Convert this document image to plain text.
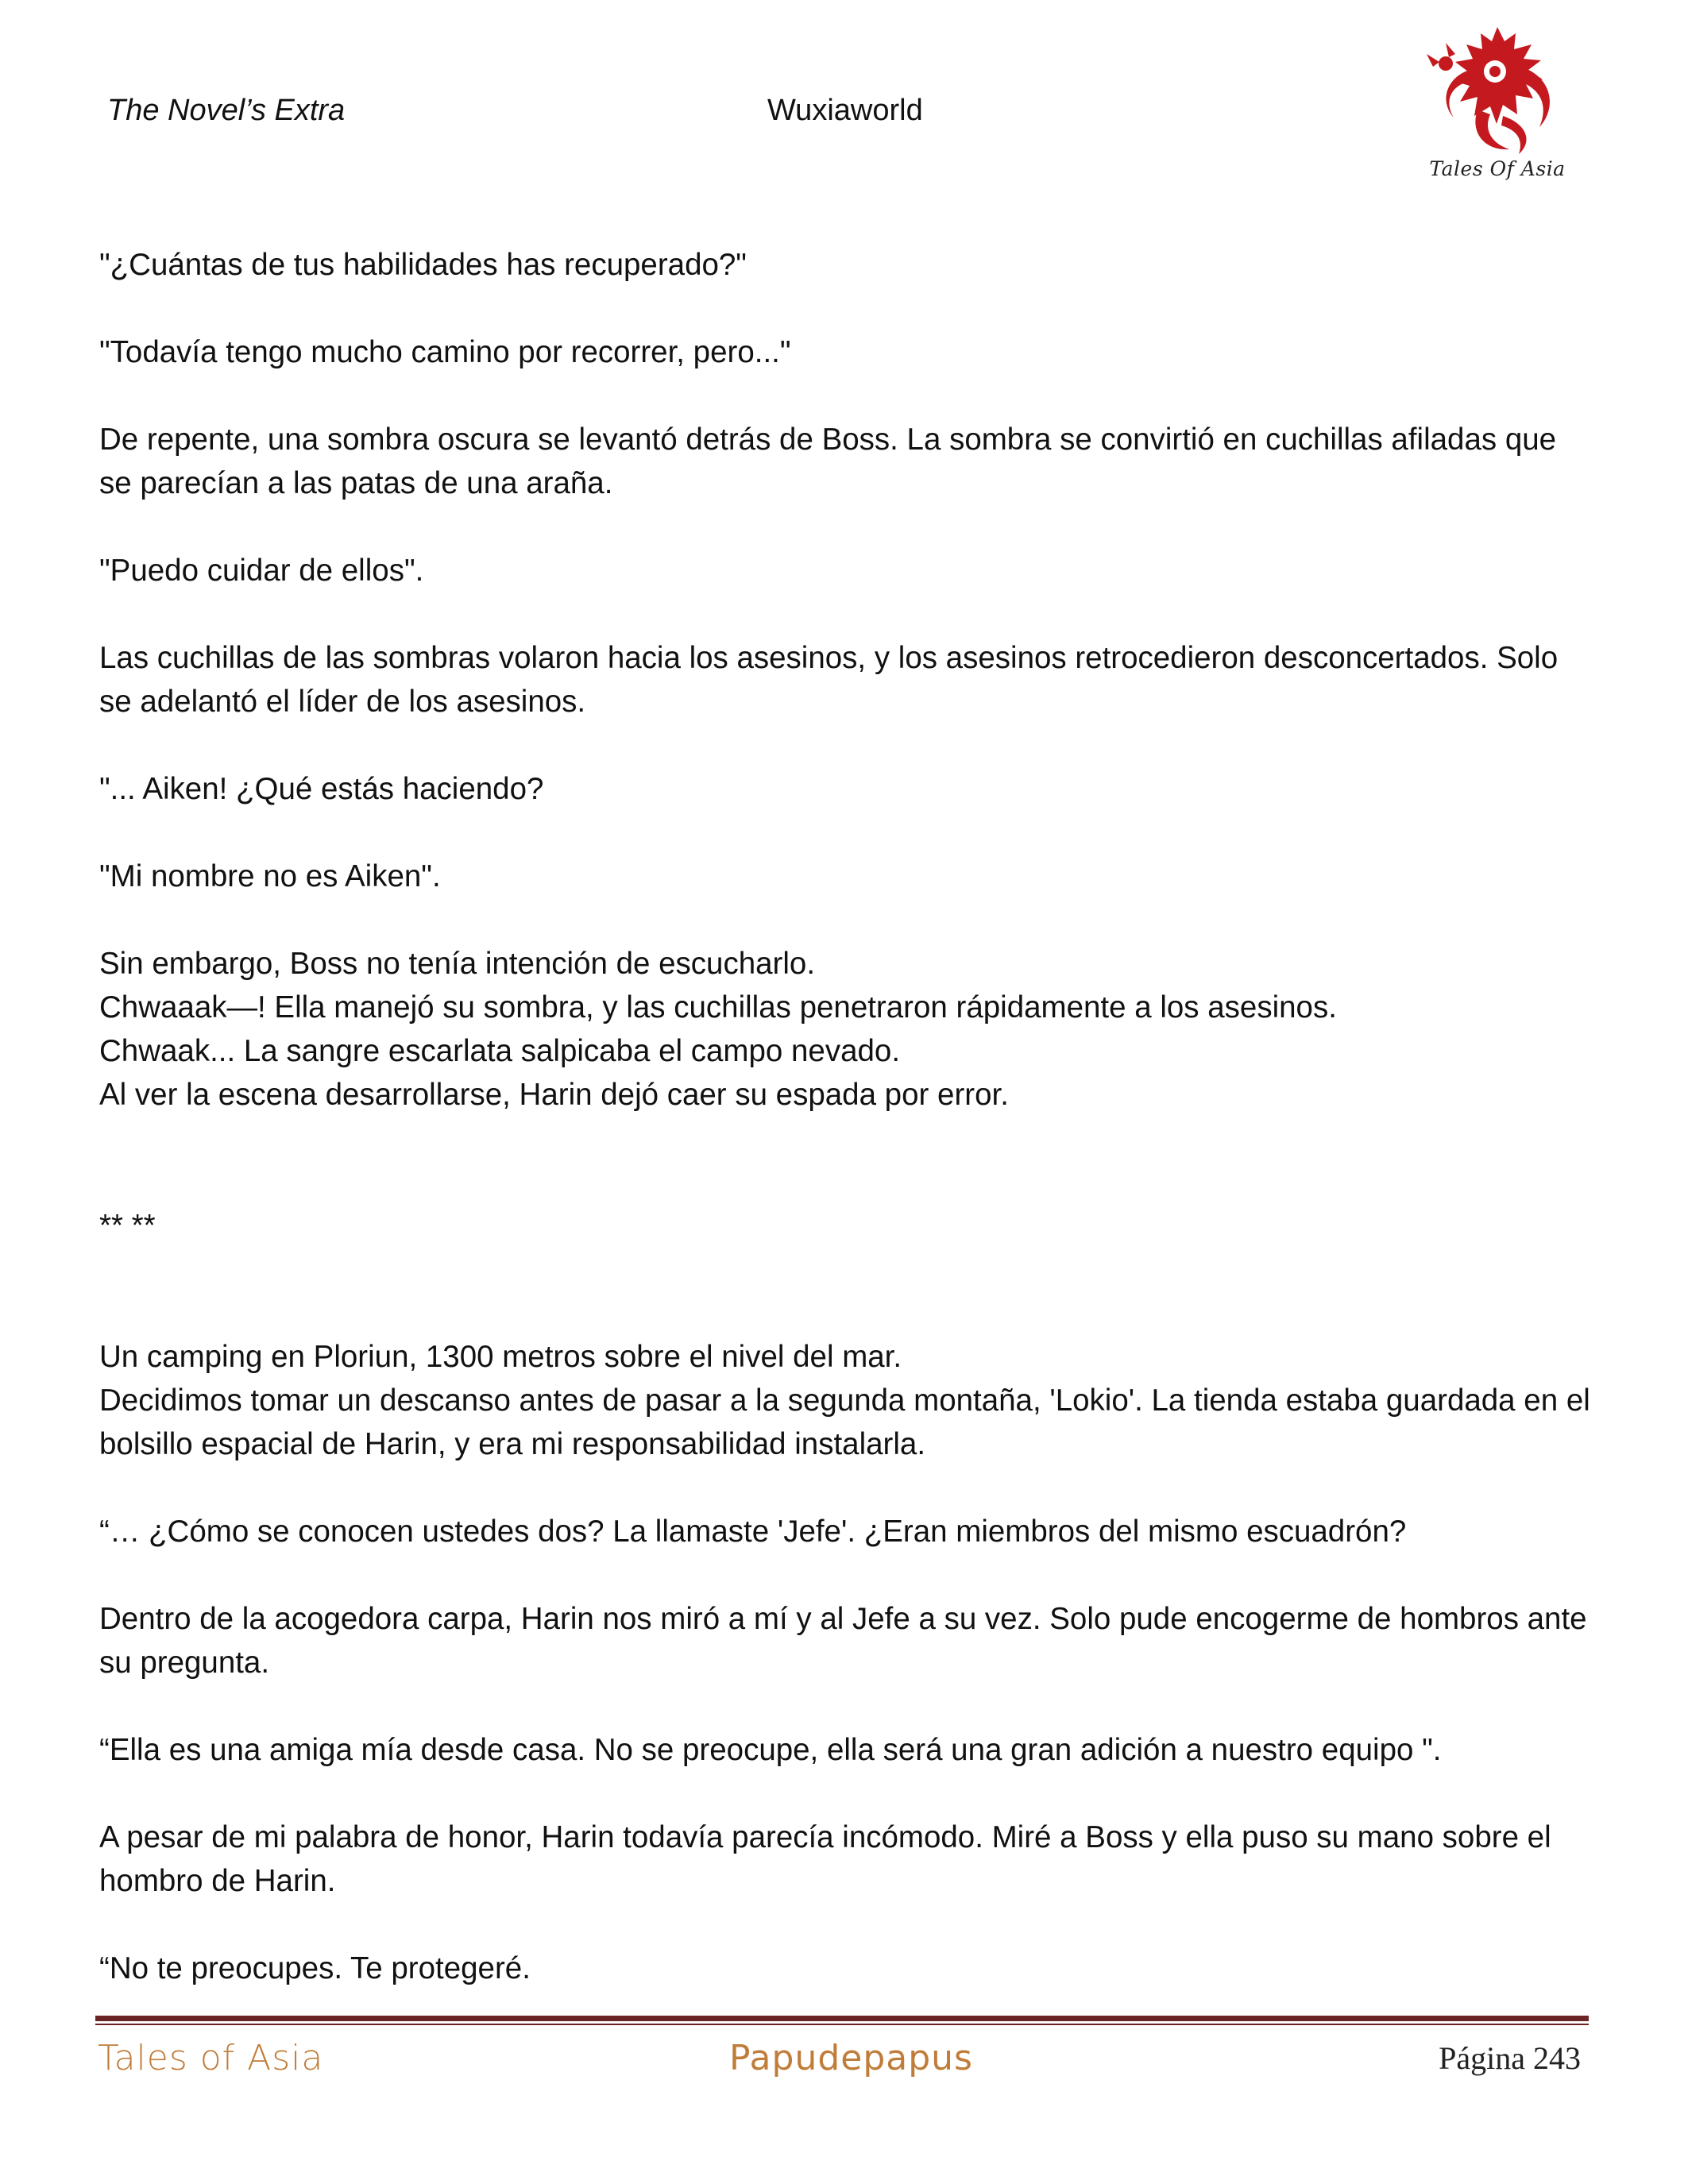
The Novel’s Extra	Wuxiaworld
Tales Of Asia

"¿Cuántas de tus habilidades has recuperado?"

"Todavía tengo mucho camino por recorrer, pero..."

De repente, una sombra oscura se levantó detrás de Boss. La sombra se convirtió en cuchillas afiladas que se parecían a las patas de una araña.

"Puedo cuidar de ellos".

Las cuchillas de las sombras volaron hacia los asesinos, y los asesinos retrocedieron desconcertados. Solo se adelantó el líder de los asesinos.

"... Aiken! ¿Qué estás haciendo?

"Mi nombre no es Aiken".

Sin embargo, Boss no tenía intención de escucharlo.

Chwaaak—! Ella manejó su sombra, y las cuchillas penetraron rápidamente a los asesinos.

Chwaak... La sangre escarlata salpicaba el campo nevado.

Al ver la escena desarrollarse, Harin dejó caer su espada por error.

** **

Un camping en Ploriun, 1300 metros sobre el nivel del mar.

Decidimos tomar un descanso antes de pasar a la segunda montaña, 'Lokio'. La tienda estaba guardada en el bolsillo espacial de Harin, y era mi responsabilidad instalarla.

“… ¿Cómo se conocen ustedes dos? La llamaste 'Jefe'. ¿Eran miembros del mismo escuadrón?

Dentro de la acogedora carpa, Harin nos miró a mí y al Jefe a su vez. Solo pude encogerme de hombros ante su pregunta.

“Ella es una amiga mía desde casa. No se preocupe, ella será una gran adición a nuestro equipo ".

A pesar de mi palabra de honor, Harin todavía parecía incómodo. Miré a Boss y ella puso su mano sobre el hombro de Harin.

“No te preocupes. Te protegeré.

Tales of Asia	Papudepapus	Página 243
